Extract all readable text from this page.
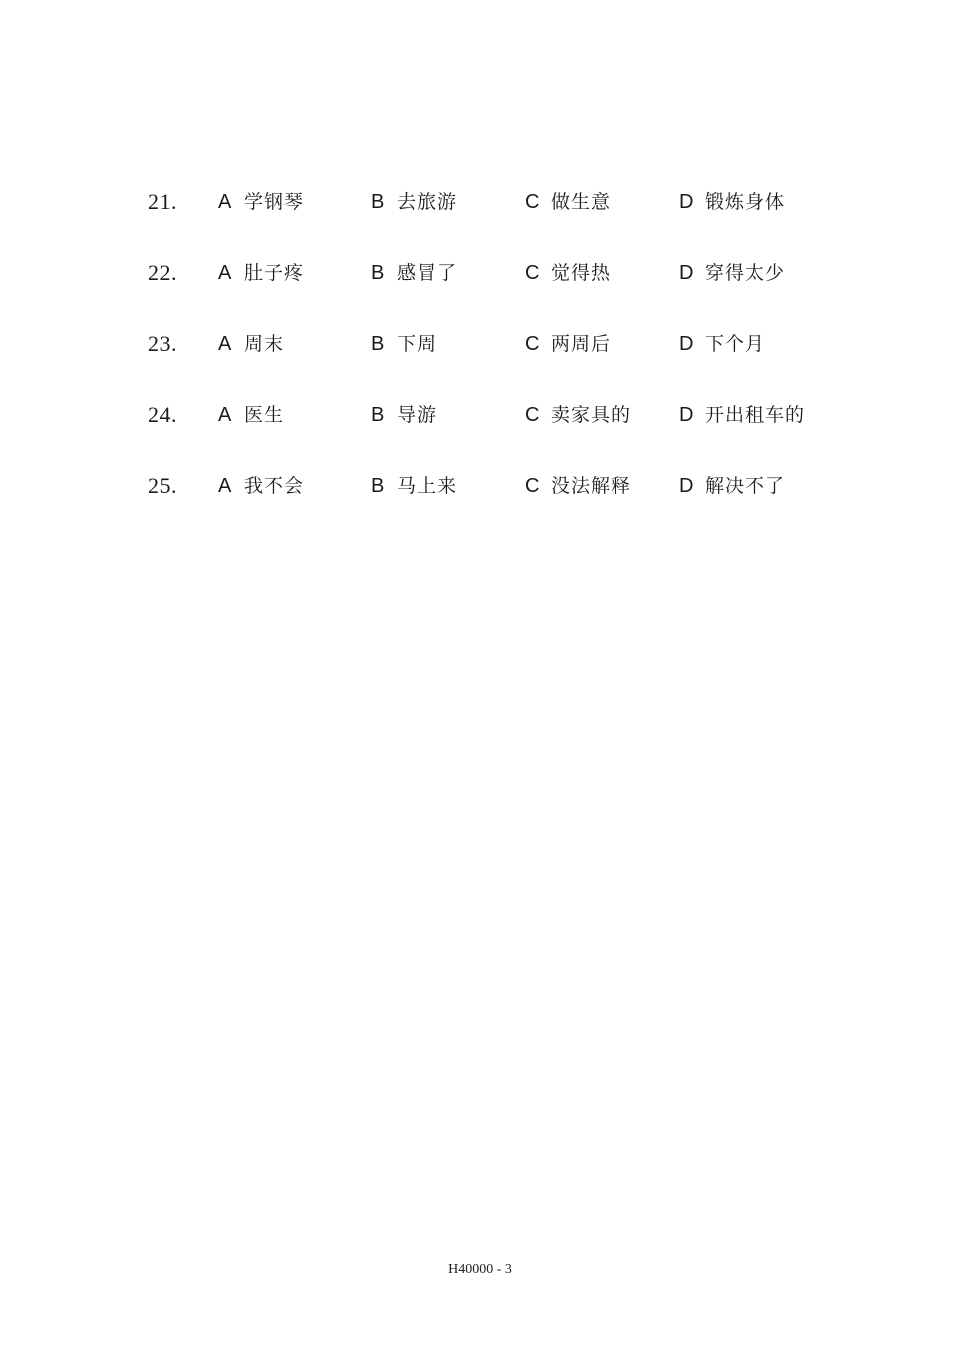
21. A 学钢琴	B 去旅游	C 做生意	D 锻炼身体
22. A 肚子疼	B 感冒了	C 觉得热	D 穿得太少
23. A 周末	B 下周	C 两周后	D 下个月
24. A 医生	B 导游	C 卖家具的 D 开出租车的
25. A 我不会	B 马上来	C 没法解释 D 解决不了
H40000 - 3
